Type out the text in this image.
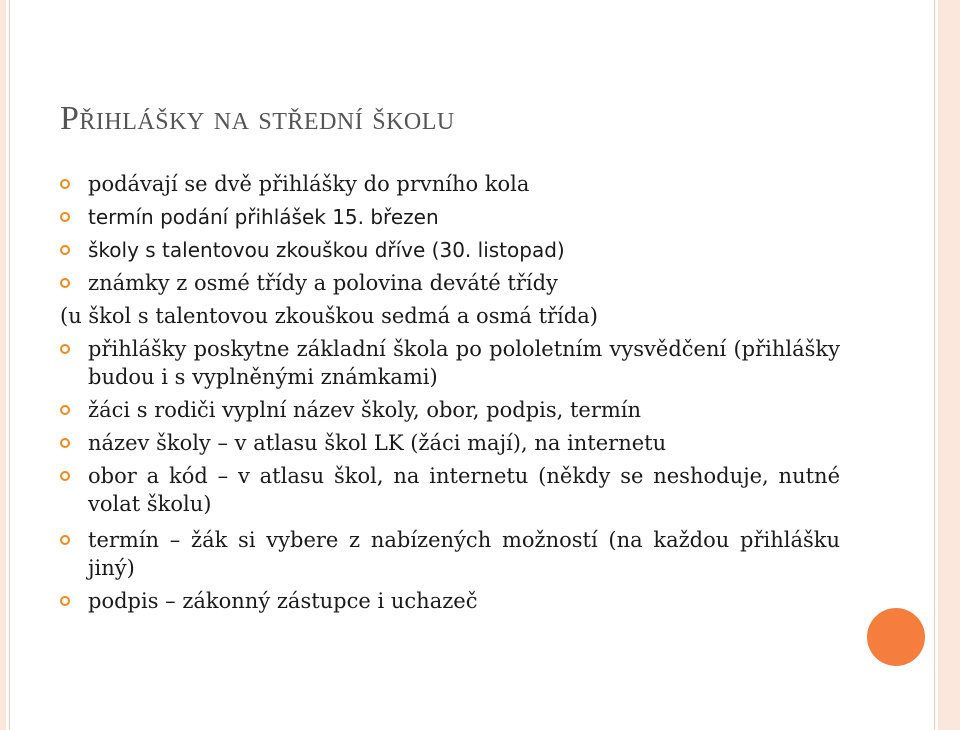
Přihlášky na střední školu
podávají se dvě přihlášky do prvního kola
termín podání přihlášek 15. březen
školy s talentovou zkouškou dříve (30. listopad)
známky z osmé třídy a polovina deváté třídy
(u škol s talentovou zkouškou sedmá a osmá třída)
přihlášky poskytne základní škola po pololetním vysvědčení (přihlášky budou i s vyplněnými známkami)
žáci s rodiči vyplní název školy, obor, podpis, termín
název školy – v atlasu škol LK (žáci mají), na internetu
obor a kód – v atlasu škol, na internetu (někdy se neshoduje, nutné volat školu)
termín – žák si vybere z nabízených možností (na každou přihlášku jiný)
podpis – zákonný zástupce i uchazeč
